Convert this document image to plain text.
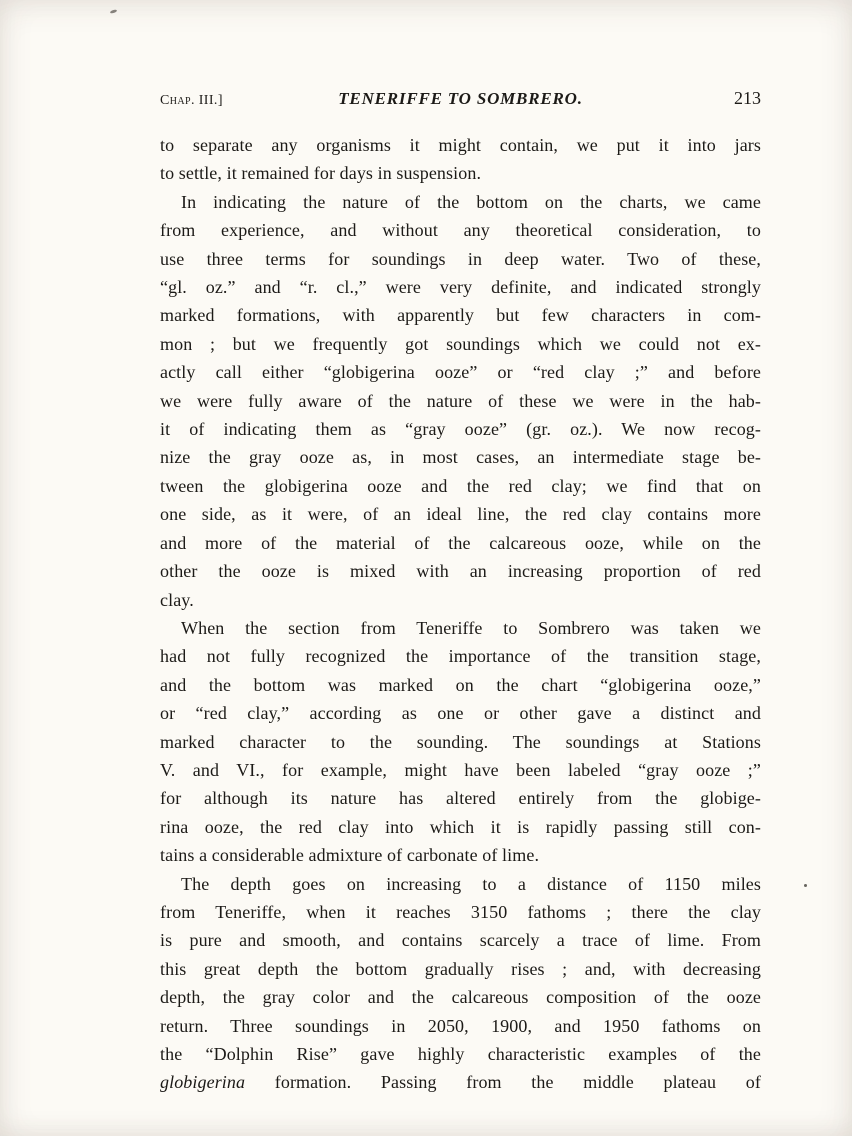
Chap. III.]	TENERIFFE TO SOMBRERO.	213
to separate any organisms it might contain, we put it into jars
to settle, it remained for days in suspension.
In indicating the nature of the bottom on the charts, we came
from experience, and without any theoretical consideration, to
use three terms for soundings in deep water. Two of these,
“gl. oz.” and “r. cl.,” were very definite, and indicated strongly
marked formations, with apparently but few characters in com-
mon ; but we frequently got soundings which we could not ex-
actly call either “globigerina ooze” or “red clay ;” and before
we were fully aware of the nature of these we were in the hab-
it of indicating them as “gray ooze” (gr. oz.). We now recog-
nize the gray ooze as, in most cases, an intermediate stage be-
tween the globigerina ooze and the red clay; we find that on
one side, as it were, of an ideal line, the red clay contains more
and more of the material of the calcareous ooze, while on the
other the ooze is mixed with an increasing proportion of red
clay.
When the section from Teneriffe to Sombrero was taken we
had not fully recognized the importance of the transition stage,
and the bottom was marked on the chart “globigerina ooze,”
or “red clay,” according as one or other gave a distinct and
marked character to the sounding. The soundings at Stations
V. and VI., for example, might have been labeled “gray ooze ;”
for although its nature has altered entirely from the globige-
rina ooze, the red clay into which it is rapidly passing still con-
tains a considerable admixture of carbonate of lime.
The depth goes on increasing to a distance of 1150 miles
from Teneriffe, when it reaches 3150 fathoms ; there the clay
is pure and smooth, and contains scarcely a trace of lime. From
this great depth the bottom gradually rises ; and, with decreasing
depth, the gray color and the calcareous composition of the ooze
return. Three soundings in 2050, 1900, and 1950 fathoms on
the “Dolphin Rise” gave highly characteristic examples of the
globigerina formation. Passing from the middle plateau of
